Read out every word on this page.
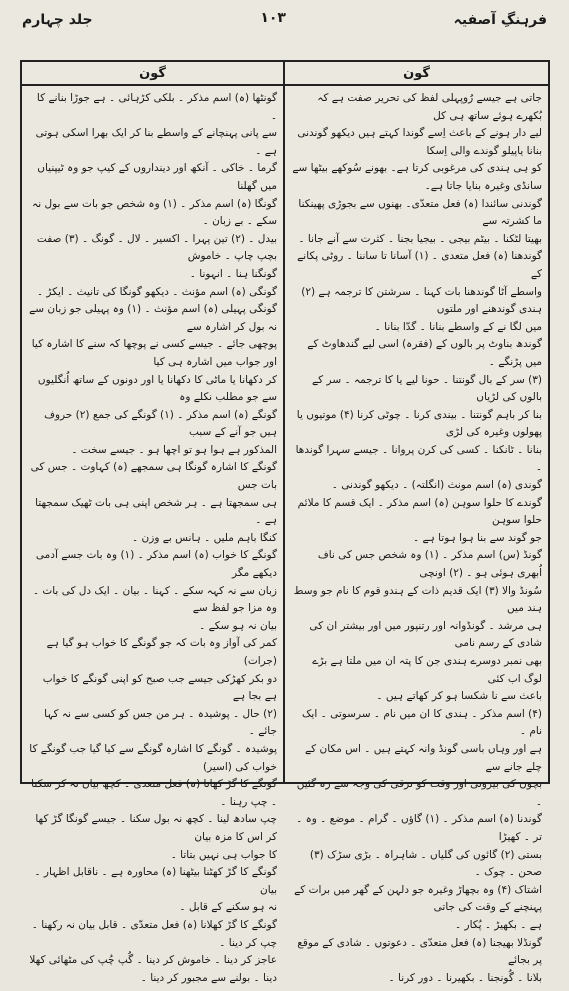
جلد چہارم	۱۰۳	فرہنگِ آصفیہ
گون

جاتی ہے جیسے رُوپہلی لفظ کی تحریر صفت ہے کہ بُکھرے ہوئے ساتھ ہی کل

لیے دار ہونے کے باعث اِسے گوندا کہتے ہیں دیکھو گوندنی بنانا یاپیلو گوندے والی اِسکا

کو ہی ہندی کی مرغوبی کرتا ہے۔ بھونے سُوکھے بیٹھا سے سانڈی وغیرہ بنایا جاتا ہے۔

گوندنی سائندا (ہ) فعل متعدّی۔ بھنوں سے بجوڑی پھینکنا ما کشرتہ سے

بھیتا لٹکنا ۔ بیٹم بیجی ۔ بیجیا بجنا ۔ کثرت سے آنے جانا ۔

گوندھنا (ہ) فعل متعدی ۔ (۱) آسانا تا ساننا ۔ روٹی پکانے کے

واسطے آٹا گوندھنا بات کہنا ۔ سرشتن کا ترجمہ ہے (۲) ہندی گوندھنے اور ملتوں

میں لگا نے کے واسطے بنانا ۔ گدّا بنانا ۔

گوندھ بناوٹ پر بالوں کے (فقرہ) اسی لیے گندھاوٹ کے میں پڑنگے ۔

(۳) سر کے بال گونتنا ۔ حونا لیے یا کا ترجمہ ۔ سر کے بالوں کی لڑیاں

بنا کر باہم گونتنا ۔ بیندی کرنا ۔ چوٹی کرنا (۴) موتیوں یا پھولوں وغیرہ کی لڑی

بنانا ۔ ٹانکنا ۔ کسی کی کرن پروانا ۔ جیسے سہرا گوندھا ۔

گوندی (ہ) اسم مونث (انگلتہ) ۔ دیکھو گوندنی ۔

گوندے کا حلوا سوہن (ہ) اسم مذکر ۔ ایک قسم کا ملائم حلوا سوہن

جو گوند سے بنا ہوا ہوتا ہے ۔

گونڈ (س) اسم مذکر ۔ (۱) وہ شخص جس کی ناف اُبھری ہوئی ہو ۔ (۲) اونچی

سُونڈ والا (۳) ایک قدیم ذات کے ہندو قوم کا نام جو وسط ہند میں

ہی مرشد ۔ گونڈوانہ اور رتنپور میں اور بیشتر ان کی شادی کے رسم نامی

بھی نمبر دوسرے ہندی جن کا پتہ ان میں ملتا ہے بڑے لوگ اب کئی

باعث سے نا شکسا ہو کر کھاتے ہیں ۔

(۴) اسم مذکر ۔ ہندی کا ان میں نام ۔ سرسوتی ۔ ایک نام ۔

ہے اور وہاں باسی گونڈ وانہ کہتے ہیں ۔ اس مکان کے چلے جانے سے

بچوں کی بیرونی اور وقت کو ترقی کی وجہ سے رہ گئیں ۔

گوندنا (ہ) اسم مذکر ۔ (۱) گاؤں ۔ گرام ۔ موضع ۔ وہ ۔ تر ۔ کھیڑا

بستی (۲) گائوں کی گلیاں ۔ شاہراہ ۔ بڑی سڑک (۳) صحن ۔ چوک ۔

اشتاک (۴) وہ بچھاڑ وغیرہ جو دلہن کے گھر میں برات کے پہنچنے کے وقت کی جاتی

ہے ۔ بکھیڑ ۔ پُکار ۔

گونڈلا بھیجنا (ہ) فعل متعدّی ۔ دعوتوں ۔ شادی کے موقع پر بجائے

بلانا ۔ گُونجنا ۔ بکھیرنا ۔ دور کرنا ۔

گون

گونٹھا (ہ) اسم مذکر ۔ بلکی کڑہائی ۔ ہے جوڑا بنانے کا ۔

سے پانی پہنچانے کے واسطے بنا کر ایک بھرا اسکی ہوتی ہے ۔

گرما ۔ خاکی ۔ آنکھ اور دینداروں کے کیپ جو وہ ٹیپنیاں میں گھلنا

گونگا (ہ) اسم مذکر ۔ (۱) وہ شخص جو بات سے بول نہ سکے ۔ بے زبان ۔

بیدل ۔ (۲) تین پہرا ۔ اکسیر ۔ لال ۔ گونگ ۔ (۳) صفت بچپ چاپ ۔ خاموش

گونگنا ہنا ۔ انہونا ۔

گونگی (ہ) اسم مؤنث ۔ دیکھو گونگا کی تانیث ۔ ایکڑ ۔

گونگی پہیلی (ہ) اسم مؤنث ۔ (۱) وہ پہیلی جو زبان سے نہ بول کر اشارہ سے

پوچھی جائے ۔ جیسے کسی نے پوچھا کہ سنے کا اشارہ کیا اور جواب میں اشارہ ہی کیا

کر دکھانا یا ماٹی کا دکھانا یا اور دونوں کے ساتھ اُنگلیوں سے جو مطلب نکلے وہ

گونگے (ہ) اسم مذکر ۔ (۱) گونگے کی جمع (۲) حروف ہیں جو آنے کے سبب

المذکور ہے ہوا ہو تو اچھا ہو ۔ جیسے سخت ۔

گونگے کا اشارہ گونگا ہی سمجھے (ہ) کہاوت ۔ جس کی بات جس

ہی سمجھتا ہے ۔ ہر شخص اپنی ہی بات ٹھیک سمجھتا ہے ۔

کنگا باہم ملیں ۔ ہانس بے وزن ۔

گونگے کا خواب (ہ) اسم مذکر ۔ (۱) وہ بات جسے آدمی دیکھے مگر

زبان سے نہ کہہ سکے ۔ کہنا ۔ بیان ۔ ایک دل کی بات ۔ وہ مزا جو لفظ سے

بیان نہ ہو سکے ۔

کمر کی آواز وہ بات کہ جو گونگے کا خواب ہو گیا ہے (جرات)

دو بکر کھڑکی جیسے جب صبح کو اپنی گونگے کا خواب ہے بجا ہے

(۲) حال ۔ پوشیدہ ۔ ہر من جس کو کسی سے نہ کہا جائے ۔

پوشیدہ ۔ گونگے کا اشارہ گونگے سے کیا گیا جب گونگے کا خواب کی (اسیر)

گونگے کا گڑ کھانا (ہ) فعل متعدی ۔ کچھ بیان نہ کر سکنا ۔ چپ رہنا ۔

چپ سادھ لینا ۔ کچھ نہ بول سکنا ۔ جیسے گونگا گڑ کھا کر اس کا مزہ بیان

کا جواب ہی نہیں بتاتا ۔

گونگے کا گڑ کھٹنا بیٹھنا (ہ) محاورہ ہے ۔ ناقابل اظہار ۔ بیان

نہ ہو سکنے کے قابل ۔

گونگے کا گڑ کھلانا (ہ) فعل متعدّی ۔ قابل بیان نہ رکھنا ۔ چپ کر دینا ۔

عاجز کر دینا ۔ خاموش کر دینا ۔ گُپ چُپ کی مٹھائی کھلا دینا ۔ بولنے سے مجبور کر دینا ۔
